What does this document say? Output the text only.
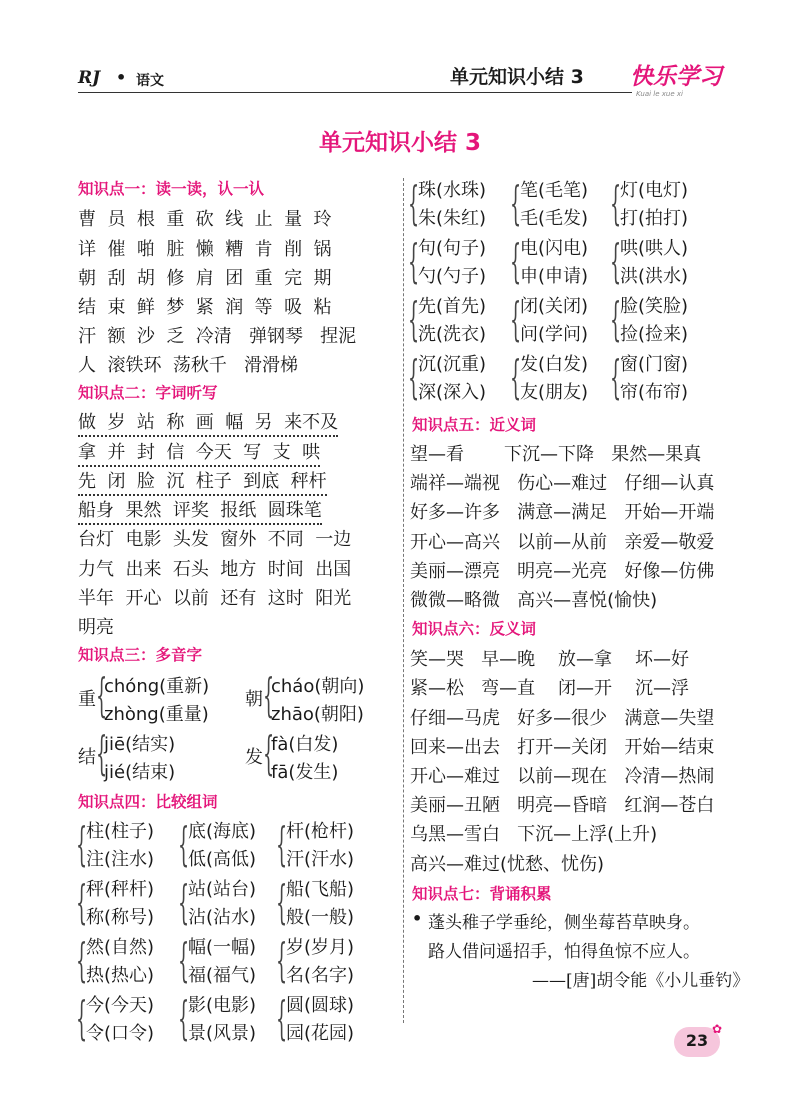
RJ • 语文	单元知识小结 3 快乐学习
Kuai le xue xi
单元知识小结 3
知识点一：读一读，认一认
曹  员  根  重  砍  线  止  量  玲
详  催  啪  脏  懒  糟  肯  削  锅
朝  刮  胡  修  肩  团  重  完  期
结  束  鲜  梦  紧  润  等  吸  粘
汗  额  沙  乏  冷清   弹钢琴   捏泥
人  滚铁环  荡秋千   滑滑梯
知识点二：字词听写
做  岁  站  称  画  幅  另  来不及
拿  并  封  信  今天  写  支  哄
先  闭  脸  沉  柱子  到底  秤杆
船身  果然  评奖  报纸  圆珠笔
台灯  电影  头发  窗外  不同  一边
力气  出来  石头  地方  时间  出国
半年  开心  以前  还有  这时  阳光
明亮
知识点三：多音字
重 {
chóng(重新)
zhòng(重量)
朝 {
cháo(朝向)
zhāo(朝阳)
结 {
jiē(结实)
jié(结束)
发 {
fà(白发)
fā(发生)
知识点四：比较组词
{
柱(柱子)
注(注水) {
底(海底)
低(高低) {
杆(枪杆)
汗(汗水)
{
秤(秤杆)
称(称号) {
站(站台)
沾(沾水) {
船(飞船)
般(一般)
{
然(自然)
热(热心) {
幅(一幅)
福(福气) {
岁(岁月)
名(名字)
{
今(今天)
令(口令) {
影(电影)
景(风景) {
圆(圆球)
园(花园)
{
珠(水珠)
朱(朱红) {
笔(毛笔)
毛(毛发) {
灯(电灯)
打(拍打)
{
句(句子)
勺(勺子) {
电(闪电)
申(申请) {
哄(哄人)
洪(洪水)
{
先(首先)
洗(洗衣) {
闭(关闭)
问(学问) {
脸(笑脸)
捡(捡来)
{
沉(沉重)
深(深入) {
发(白发)
友(朋友) {
窗(门窗)
帘(布帘)
知识点五：近义词
望—看       下沉—下降   果然—果真
端祥—端视   伤心—难过   仔细—认真
好多—许多   满意—满足   开始—开端
开心—高兴   以前—从前   亲爱—敬爱
美丽—漂亮   明亮—光亮   好像—仿佛
微微—略微   高兴—喜悦(愉快)
知识点六：反义词
笑—哭   早—晚    放—拿    坏—好
紧—松   弯—直    闭—开    沉—浮
仔细—马虎   好多—很少   满意—失望
回来—出去   打开—关闭   开始—结束
开心—难过   以前—现在   冷清—热闹
美丽—丑陋   明亮—昏暗   红润—苍白
乌黑—雪白   下沉—上浮(上升)
高兴—难过(忧愁、忧伤)
知识点七：背诵积累
• 蓬头稚子学垂纶，侧坐莓苔草映身。
路人借问遥招手，怕得鱼惊不应人。
——[唐]胡令能《小儿垂钓》
23
✿
